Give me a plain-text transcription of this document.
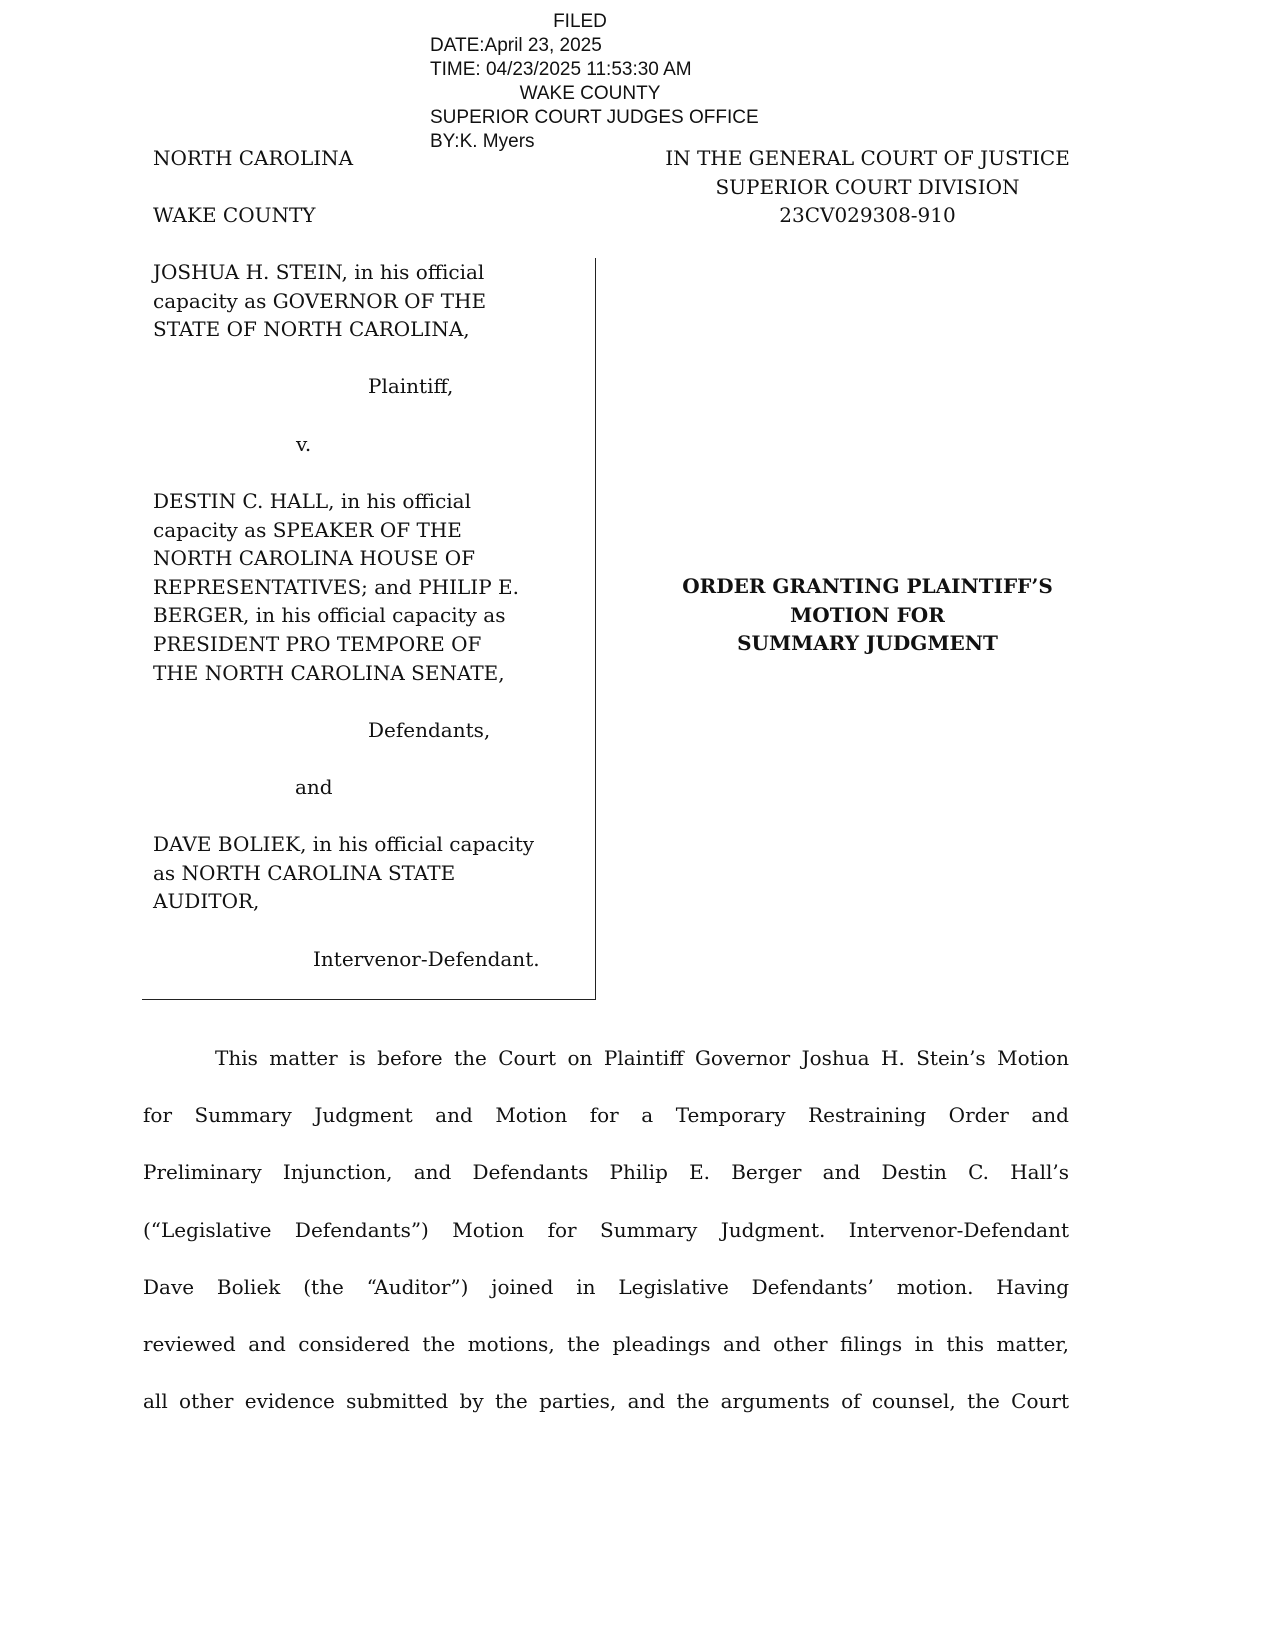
FILED
DATE:April 23, 2025
TIME: 04/23/2025 11:53:30 AM
WAKE COUNTY
SUPERIOR COURT JUDGES OFFICE
BY:K. Myers
NORTH CAROLINA
WAKE COUNTY
IN THE GENERAL COURT OF JUSTICE
SUPERIOR COURT DIVISION
23CV029308-910
JOSHUA H. STEIN, in his official
capacity as GOVERNOR OF THE
STATE OF NORTH CAROLINA,
Plaintiff,
v.
DESTIN C. HALL, in his official
capacity as SPEAKER OF THE
NORTH CAROLINA HOUSE OF
REPRESENTATIVES; and PHILIP E.
BERGER, in his official capacity as
PRESIDENT PRO TEMPORE OF
THE NORTH CAROLINA SENATE,
Defendants,
and
DAVE BOLIEK, in his official capacity
as NORTH CAROLINA STATE
AUDITOR,
Intervenor-Defendant.
ORDER GRANTING PLAINTIFF’S
MOTION FOR
SUMMARY JUDGMENT
This matter is before the Court on Plaintiff Governor Joshua H. Stein’s Motion
for Summary Judgment and Motion for a Temporary Restraining Order and
Preliminary Injunction, and Defendants Philip E. Berger and Destin C. Hall’s
(“Legislative Defendants”) Motion for Summary Judgment. Intervenor-Defendant
Dave Boliek (the “Auditor”) joined in Legislative Defendants’ motion. Having
reviewed and considered the motions, the pleadings and other filings in this matter,
all other evidence submitted by the parties, and the arguments of counsel, the Court
